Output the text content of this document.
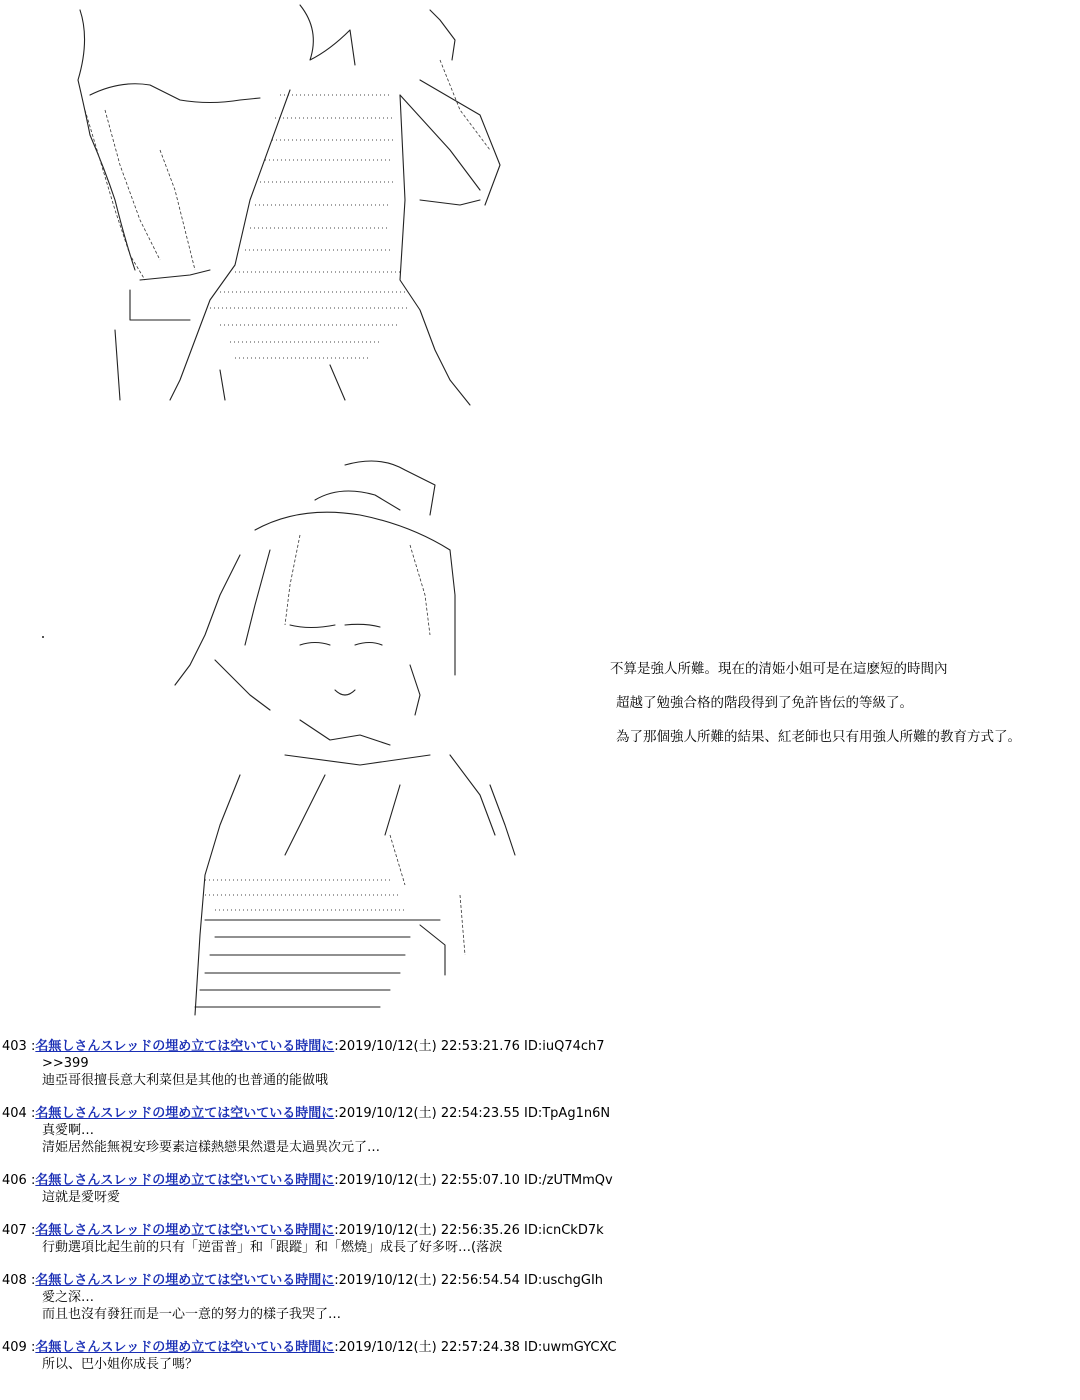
不算是強人所難。現在的清姫小姐可是在這麽短的時間內
超越了勉強合格的階段得到了免許皆伝的等級了。
為了那個強人所難的結果、紅老師也只有用強人所難的教育方式了。
403 :名無しさんスレッドの埋め立ては空いている時間に:2019/10/12(土) 22:53:21.76 ID:iuQ74ch7
>>399
迪亞哥很擅長意大利菜但是其他的也普通的能做哦
404 :名無しさんスレッドの埋め立ては空いている時間に:2019/10/12(土) 22:54:23.55 ID:TpAg1n6N
真愛啊…
清姫居然能無視安珍要素這樣熱戀果然還是太過異次元了…
406 :名無しさんスレッドの埋め立ては空いている時間に:2019/10/12(土) 22:55:07.10 ID:/zUTMmQv
這就是愛呀愛
407 :名無しさんスレッドの埋め立ては空いている時間に:2019/10/12(土) 22:56:35.26 ID:icnCkD7k
行動選項比起生前的只有「逆雷普」和「跟蹤」和「燃燒」成長了好多呀…(落淚
408 :名無しさんスレッドの埋め立ては空いている時間に:2019/10/12(土) 22:56:54.54 ID:uschgGIh
愛之深…
而且也沒有發狂而是一心一意的努力的樣子我哭了…
409 :名無しさんスレッドの埋め立ては空いている時間に:2019/10/12(土) 22:57:24.38 ID:uwmGYCXC
所以、巴小姐你成長了嗎？
